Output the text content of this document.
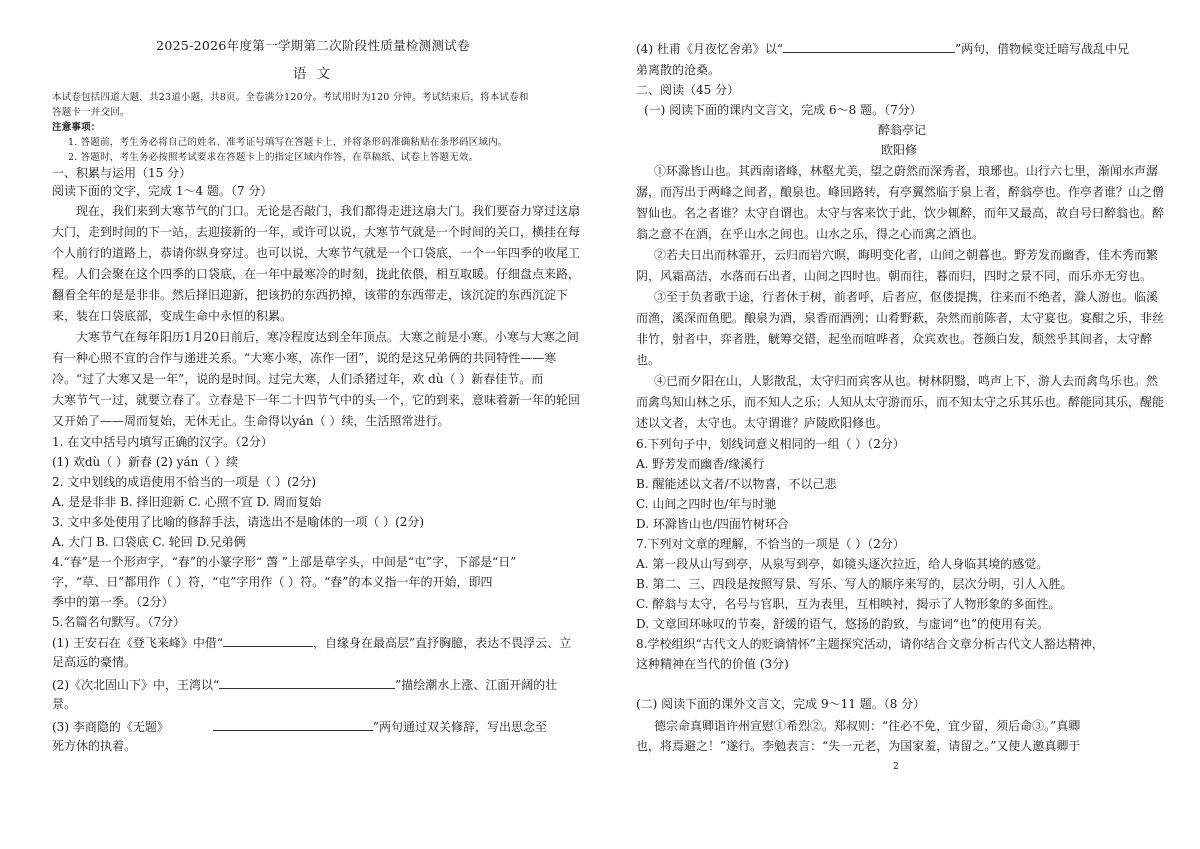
2025-2026年度第一学期第二次阶段性质量检测测试卷
语 文
本试卷包括四道大题，共23道小题，共8页。全卷满分120分。考试用时为120 分钟。考试结束后，将本试卷和
答题卡一并交回。
注意事项：
1. 答题前，考生务必将自己的姓名、准考证号填写在答题卡上，并将条形码准确粘贴在条形码区域内。
2. 答题时，考生务必按照考试要求在答题卡上的指定区域内作答，在草稿纸、试卷上答题无效。
一、积累与运用（15 分）
阅读下面的文字，完成 1～4 题。（7 分）
现在，我们来到大寒节气的门口。无论是否敲门，我们都得走进这扇大门。我们要奋力穿过这扇
大门，走到时间的下一站，去迎接新的一年，或许可以说，大寒节气就是一个时间的关口，横挂在每
个人前行的道路上，恭请你纵身穿过。也可以说，大寒节气就是一个口袋底，一个一年四季的收尾工
程。人们会聚在这个四季的口袋底，在一年中最寒冷的时刻，拢此依偎，相互取暖。仔细盘点来路，
翻看全年的是是非非。然后择旧迎新，把该扔的东西扔掉，该带的东西带走，该沉淀的东西沉淀下
来，装在口袋底部，变成生命中永恒的积累。
大寒节气在每年阳历1月20日前后，寒冷程度达到全年顶点。大寒之前是小寒。小寒与大寒之间
有一种心照不宣的合作与递进关系。“大寒小寒，冻作一团”，说的是这兄弟俩的共同特性——寒
冷。“过了大寒又是一年”，说的是时间。过完大寒，人们杀猪过年，欢 dù（ ）新春佳节。而
大寒节气一过，就要立春了。立春是下一年二十四节气中的头一个，它的到来，意味着新一年的轮回
又开始了——周而复始，无休无止。生命得以yán（ ）续，生活照常进行。
1. 在文中括号内填写正确的汉字。（2分）
(1) 欢dù（ ）新春 (2) yán（ ）续
2. 文中划线的成语使用不恰当的一项是（ ）(2分)
A. 是是非非 B. 择旧迎新 C. 心照不宣 D. 周而复始
3. 文中多处使用了比喻的修辞手法，请选出不是喻体的一项（ ）(2分)
A. 大门 B. 口袋底 C. 轮回 D.兄弟俩
4.“春”是一个形声字，“春”的小篆字形“ 萅 ”上部是草字头，中间是“屯”字，下部是“日”
字，“草、日”都用作（ ）符，“屯”字用作（ ）符。“春”的本义指一年的开始，即四
季中的第一季。（2分）
5.名篇名句默写。（7分）
(1) 王安石在《登飞来峰》中借“	，自缘身在最高层”直抒胸臆，表达不畏浮云、立
足高远的豪情。
(2)《次北固山下》中，王湾以“	”描绘潮水上涨、江面开阔的壮
景。
(3) 李商隐的《无题》	”两句通过双关修辞，写出思念至
死方休的执着。
(4) 杜甫《月夜忆舍弟》以“	”两句，借物候变迁暗写战乱中兄
弟离散的沧桑。
二、阅读（45 分）
(一) 阅读下面的课内文言文，完成 6～8 题。（7分）
醉翁亭记
欧阳修
①环滁皆山也。其西南诸峰，林壑尤美，望之蔚然而深秀者，琅琊也。山行六七里，渐闻水声潺
潺，而泻出于两峰之间者，酿泉也。峰回路转，有亭翼然临于泉上者，醉翁亭也。作亭者谁？山之僧
智仙也。名之者谁？太守自谓也。太守与客来饮于此，饮少辄醉，而年又最高，故自号曰醉翁也。醉
翁之意不在酒，在乎山水之间也。山水之乐，得之心而寓之酒也。
②若夫日出而林霏开，云归而岩穴暝，晦明变化者，山间之朝暮也。野芳发而幽香，佳木秀而繁
阴，风霜高洁，水落而石出者，山间之四时也。朝而往，暮而归，四时之景不同，而乐亦无穷也。
③至于负者歌于途，行者休于树，前者呼，后者应，伛偻提携，往来而不绝者，滁人游也。临溪
而渔，溪深而鱼肥。酿泉为酒，泉香而酒洌；山肴野蔌，杂然而前陈者，太守宴也。宴酣之乐，非丝
非竹，射者中，弈者胜，觥筹交错，起坐而喧哗者，众宾欢也。苍颜白发，颓然乎其间者，太守醉
也。
④已而夕阳在山，人影散乱，太守归而宾客从也。树林阴翳，鸣声上下，游人去而禽鸟乐也。然
而禽鸟知山林之乐，而不知人之乐；人知从太守游而乐，而不知太守之乐其乐也。醉能同其乐，醒能
述以文者，太守也。太守谓谁？庐陵欧阳修也。
6.下列句子中，划线词意义相同的一组（ ）（2分）
A. 野芳发而幽香/缘溪行
B. 醒能述以文者/不以物喜，不以己悲
C. 山间之四时也/年与时驰
D. 环滁皆山也/四面竹树环合
7.下列对文章的理解，不恰当的一项是（ ）（2分）
A. 第一段从山写到亭，从泉写到亭，如镜头逐次拉近，给人身临其境的感觉。
B. 第二、三、四段是按照写景、写乐、写人的顺序来写的，层次分明，引人入胜。
C. 醉翁与太守，名号与官职，互为表里，互相映衬，揭示了人物形象的多面性。
D. 文章回环咏叹的节奏，舒缓的语气，悠扬的韵致，与虚词“也”的使用有关。
8.学校组织“古代文人的贬谪情怀”主题探究活动，请你结合文章分析古代文人豁达精神，
这种精神在当代的价值 (3分)
(二) 阅读下面的课外文言文，完成 9～11 题。（8 分）
德宗命真卿诣许州宣慰①希烈②。郑叔则：“往必不免，宜少留，须后命③。”真卿
也，将焉避之！”遂行。李勉表言：“失一元老，为国家羞，请留之。”又使人邀真卿于
2
